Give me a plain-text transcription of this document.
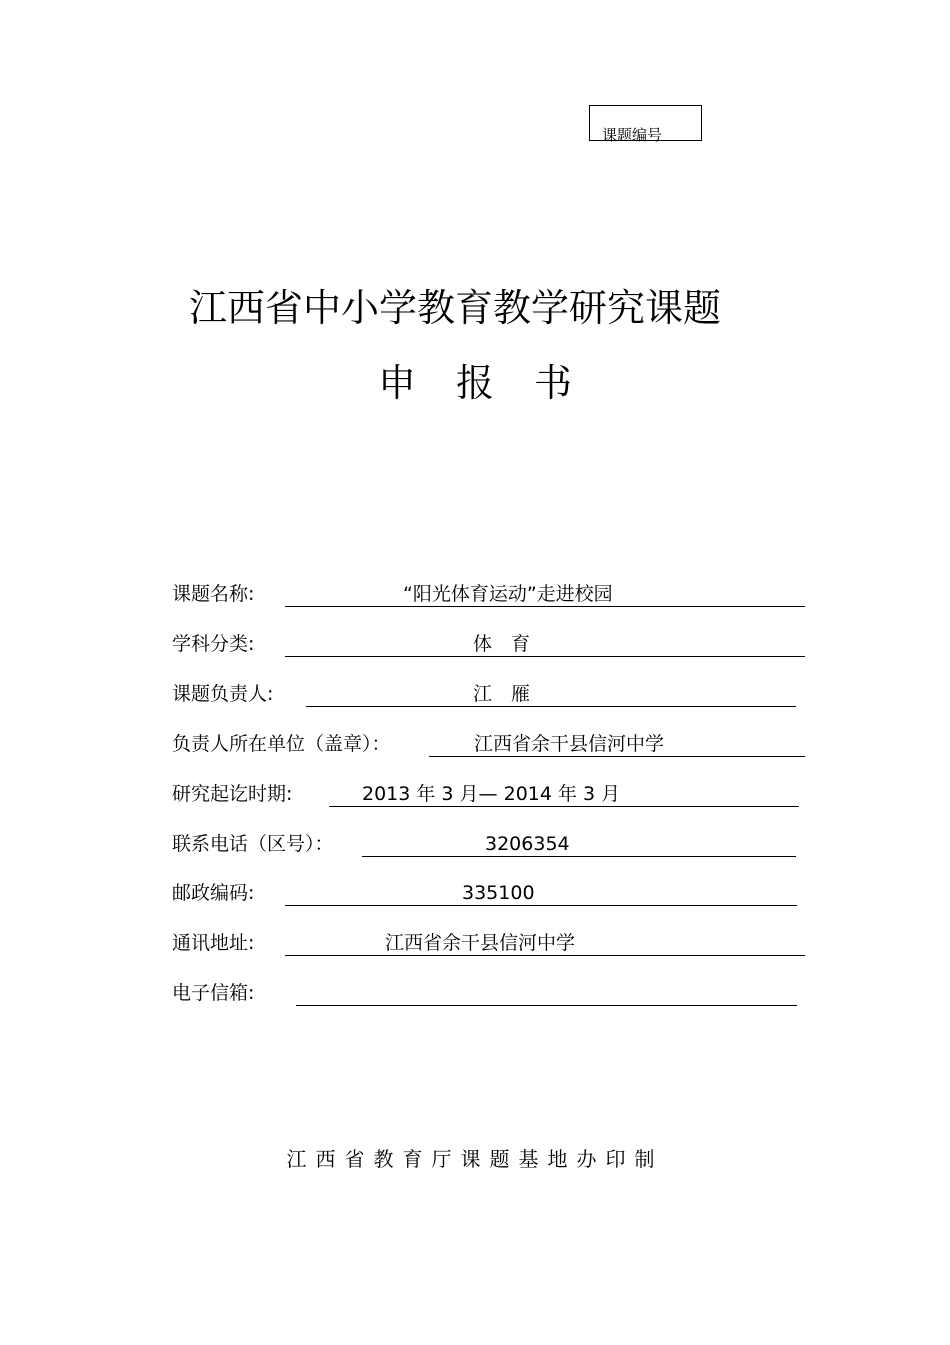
课题编号
江西省中小学教育教学研究课题
申报书
课题名称:	“阳光体育运动”走进校园
学科分类:	体　育
课题负责人:	江　雁
负责人所在单位（盖章）：	江西省余干县信河中学
研究起讫时期:	2013 年 3 月— 2014 年 3 月
联系电话（区号）：	3206354
邮政编码:	335100
通讯地址:	江西省余干县信河中学
电子信箱:
江西省教育厅课题基地办印制
